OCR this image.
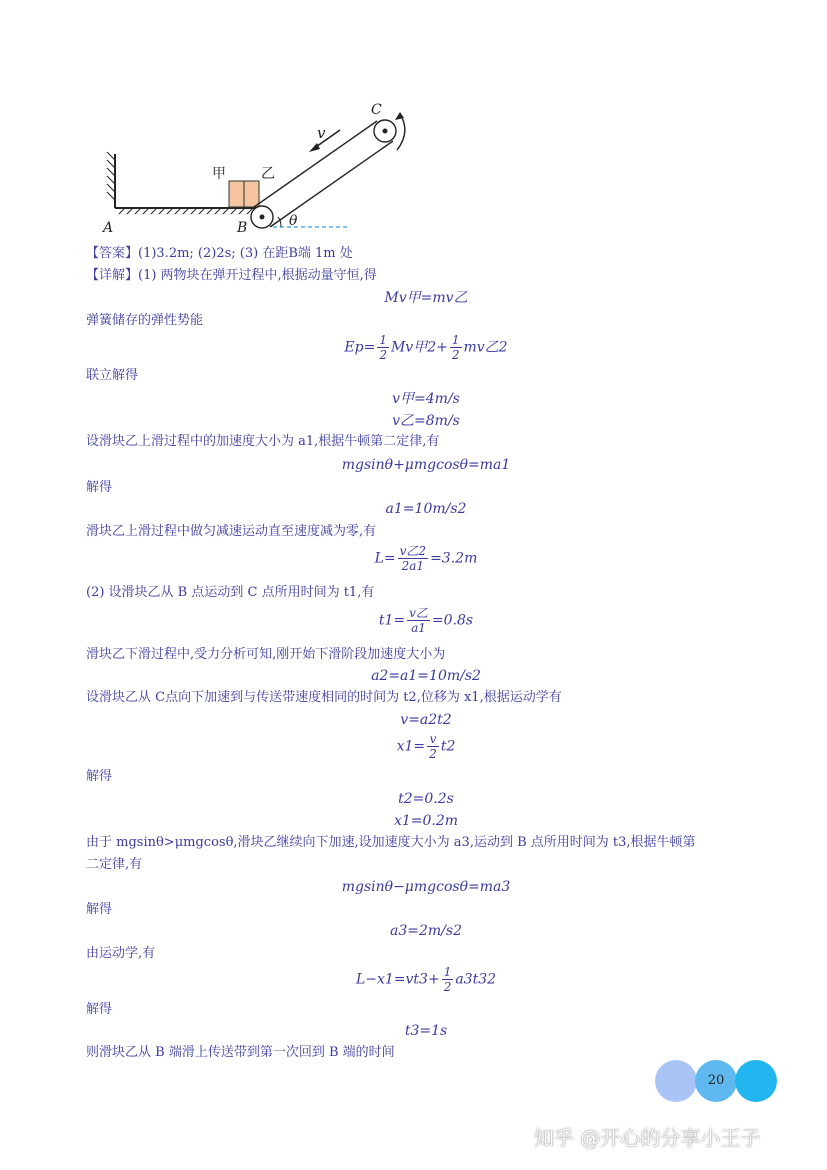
A	B
C
v
θ
甲	乙
【答案】(1)3.2m; (2)2s; (3) 在距B端 1m 处
【详解】(1) 两物块在弹开过程中,根据动量守恒,得
Mv甲=mv乙
弹簧储存的弹性势能
$Ep= \frac{1}{2}$ Mv甲$2+ \frac{1}{2}$ mv乙2
联立解得
v甲=4m/s
v乙=8m/s
设滑块乙上滑过程中的加速度大小为 a1,根据牛顿第二定律,有
mgsinθ+μmgcosθ=ma1
解得
a1=10m/s2
滑块乙上滑过程中做匀减速运动直至速度减为零,有
$L= \frac{\text{v乙2}}{2a1} =3.2m$
(2) 设滑块乙从 B 点运动到 C 点所用时间为 t1,有
$t1= \frac{\text{v乙}}{a1} =0.8s$
滑块乙下滑过程中,受力分析可知,刚开始下滑阶段加速度大小为
a2=a1=10m/s2
设滑块乙从 C点向下加速到与传送带速度相同的时间为 t2,位移为 x1,根据运动学有
v=a2t2
$x1= \frac{v}{2} t2$
解得
t2=0.2s
x1=0.2m
由于 mgsinθ>μmgcosθ,滑块乙继续向下加速,设加速度大小为 a3,运动到 B 点所用时间为 t3,根据牛顿第
二定律,有
mgsinθ−μmgcosθ=ma3
解得
a3=2m/s2
由运动学,有
$L-x1=vt3+ \frac{1}{2} a3t32$
解得
t3=1s
则滑块乙从 B 端滑上传送带到第一次回到 B 端的时间
20
知乎 @开心的分享小王子
